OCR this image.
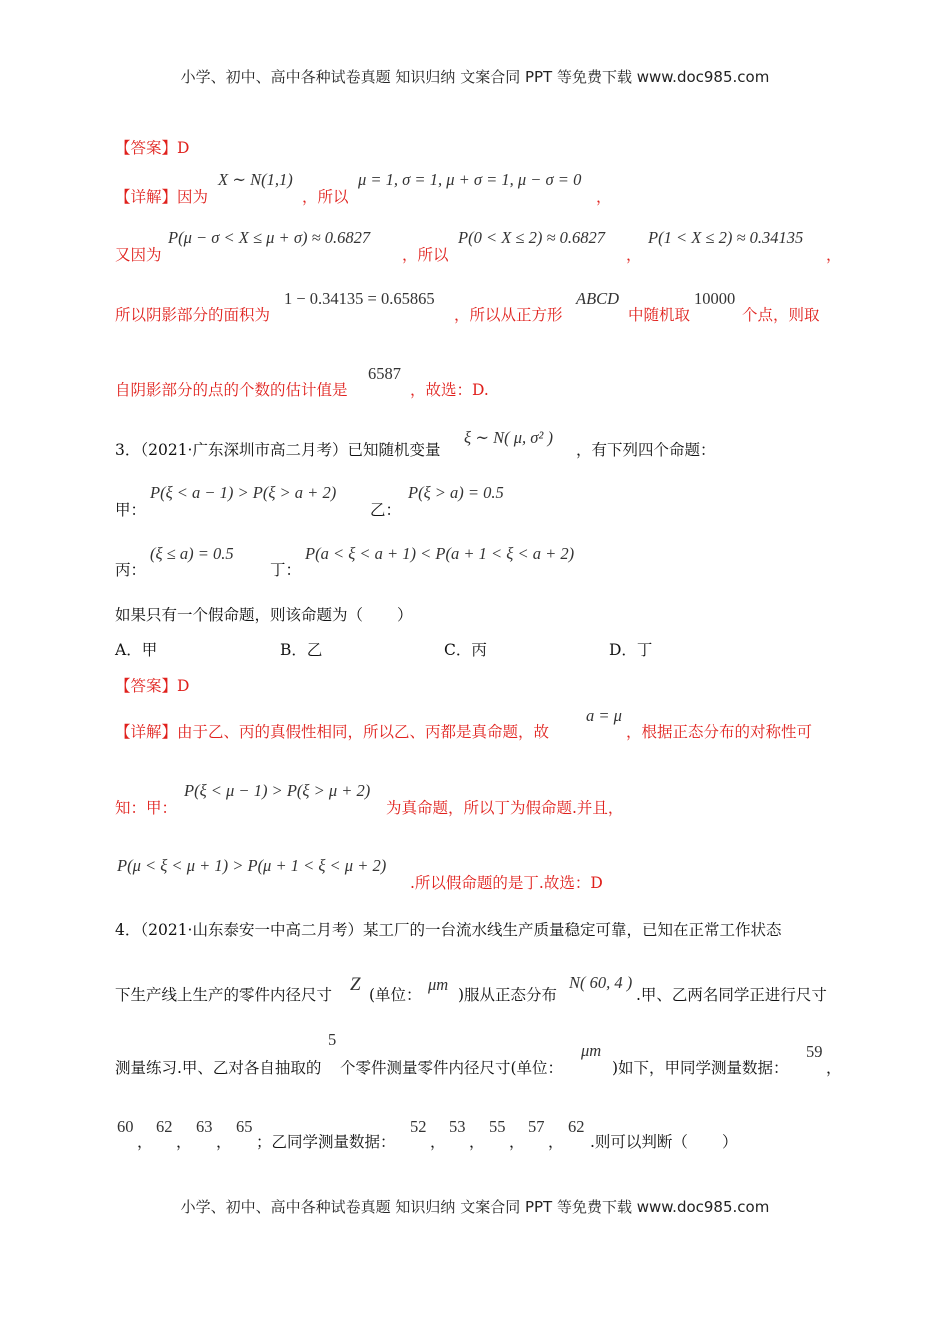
小学、初中、高中各种试卷真题 知识归纳 文案合同 PPT 等免费下载 www.doc985.com
【答案】D
【详解】因为
X ∼ N(1,1)
，所以
μ = 1, σ = 1, μ + σ = 1, μ − σ = 0
，
又因为
P(μ − σ < X ≤ μ + σ) ≈ 0.6827
，所以
P(0 < X ≤ 2) ≈ 0.6827
，
P(1 < X ≤ 2) ≈ 0.34135
，
所以阴影部分的面积为
1 − 0.34135 = 0.65865
，所以从正方形
ABCD
中随机取
10000
个点，则取
自阴影部分的点的个数的估计值是
6587
，故选：D.
3．（2021·广东深圳市高二月考）已知随机变量
ξ ∼ N( μ, σ² )
，有下列四个命题：
甲：
P(ξ < a − 1) > P(ξ > a + 2)
乙：
P(ξ > a) = 0.5
丙：
(ξ ≤ a) = 0.5
丁：
P(a < ξ < a + 1) < P(a + 1 < ξ < a + 2)
如果只有一个假命题，则该命题为（ ）
A．甲	B．乙	C．丙	D．丁
【答案】D
【详解】由于乙、丙的真假性相同，所以乙、丙都是真命题，故
a = μ
，根据正态分布的对称性可
知：甲：
P(ξ < μ − 1) > P(ξ > μ + 2)
为真命题，所以丁为假命题.并且，
P(μ < ξ < μ + 1) > P(μ + 1 < ξ < μ + 2)
.所以假命题的是丁.故选：D
4．（2021·山东泰安一中高二月考）某工厂的一台流水线生产质量稳定可靠，已知在正常工作状态
下生产线上生产的零件内径尺寸 Z (单位：
μm
)服从正态分布
N( 60, 4 )
.甲、乙两名同学正进行尺寸
测量练习.甲、乙对各自抽取的
5
个零件测量零件内径尺寸(单位：
μm
)如下，甲同学测量数据：
59
，
60
，
62
，
63
，
65
；乙同学测量数据：
52
，
53
，
55
，
57
，
62
.则可以判断（ ）
小学、初中、高中各种试卷真题 知识归纳 文案合同 PPT 等免费下载 www.doc985.com
